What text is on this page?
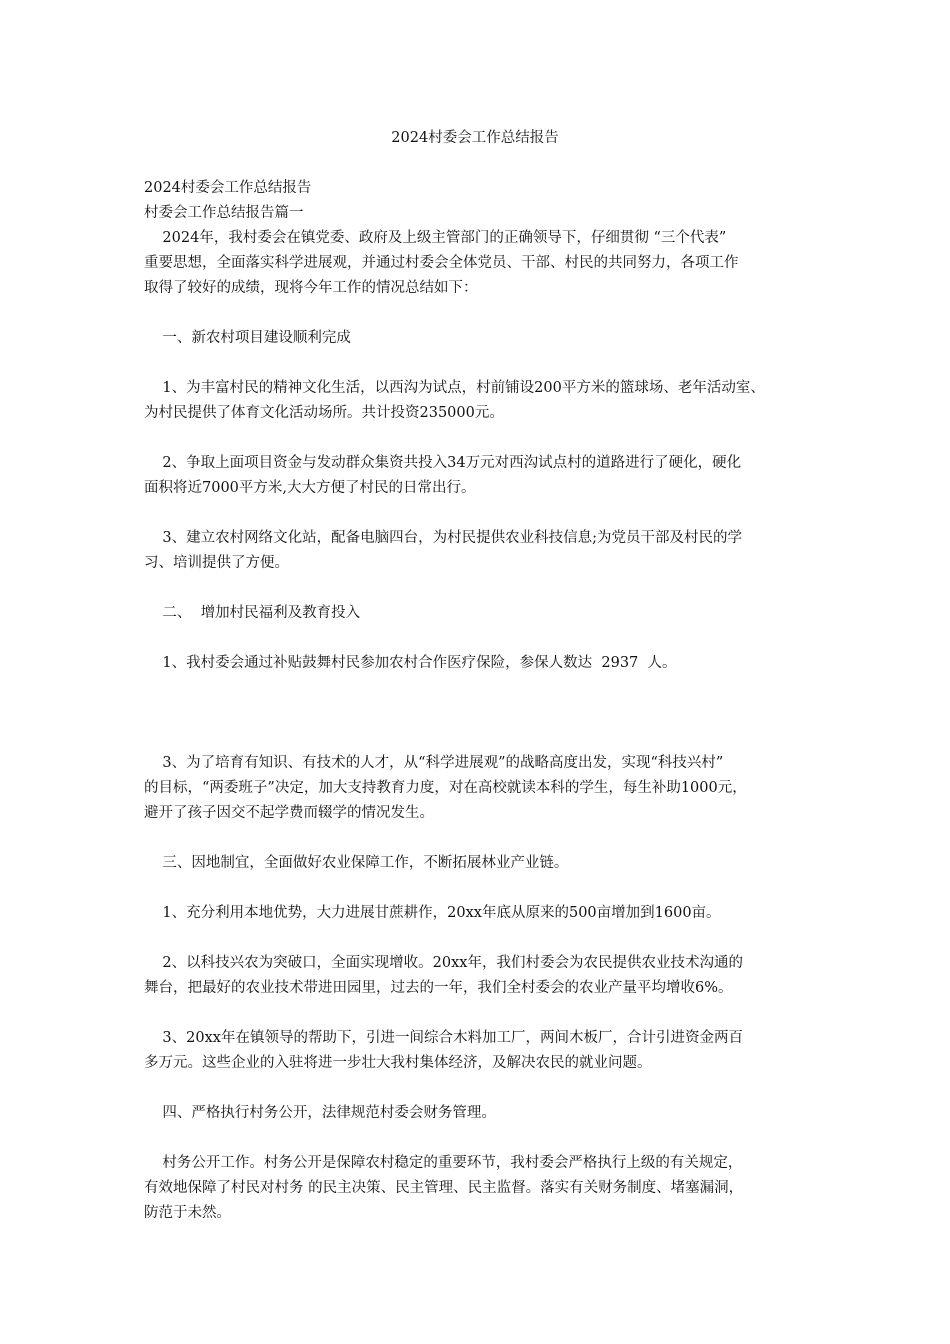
2024村委会工作总结报告
2024村委会工作总结报告
村委会工作总结报告篇一
2024年，我村委会在镇党委、政府及上级主管部门的正确领导下，仔细贯彻 “三个代表”
重要思想，全面落实科学进展观，并通过村委会全体党员、干部、村民的共同努力，各项工作
取得了较好的成绩，现将今年工作的情况总结如下：
一、新农村项目建设顺利完成
1、为丰富村民的精神文化生活，以西沟为试点，村前铺设200平方米的篮球场、老年活动室、
为村民提供了体育文化活动场所。共计投资235000元。
2、争取上面项目资金与发动群众集资共投入34万元对西沟试点村的道路进行了硬化，硬化
面积将近7000平方米,大大方便了村民的日常出行。
3、建立农村网络文化站，配备电脑四台，为村民提供农业科技信息;为党员干部及村民的学
习、培训提供了方便。
二、  增加村民福利及教育投入
1、我村委会通过补贴鼓舞村民参加农村合作医疗保险，参保人数达  2937  人。
3、为了培育有知识、有技术的人才，从“科学进展观”的战略高度出发，实现“科技兴村”
的目标，“两委班子”决定，加大支持教育力度，对在高校就读本科的学生，每生补助1000元，
避开了孩子因交不起学费而辍学的情况发生。
三、因地制宜，全面做好农业保障工作，不断拓展林业产业链。
1、充分利用本地优势，大力进展甘蔗耕作，20xx年底从原来的500亩增加到1600亩。
2、以科技兴农为突破口，全面实现增收。20xx年，我们村委会为农民提供农业技术沟通的
舞台，把最好的农业技术带进田园里，过去的一年，我们全村委会的农业产量平均增收6%。
3、20xx年在镇领导的帮助下，引进一间综合木料加工厂，两间木板厂，合计引进资金两百
多万元。这些企业的入驻将进一步壮大我村集体经济，及解决农民的就业问题。
四、严格执行村务公开，法律规范村委会财务管理。
村务公开工作。村务公开是保障农村稳定的重要环节，我村委会严格执行上级的有关规定，
有效地保障了村民对村务 的民主决策、民主管理、民主监督。落实有关财务制度、堵塞漏洞，
防范于未然。
